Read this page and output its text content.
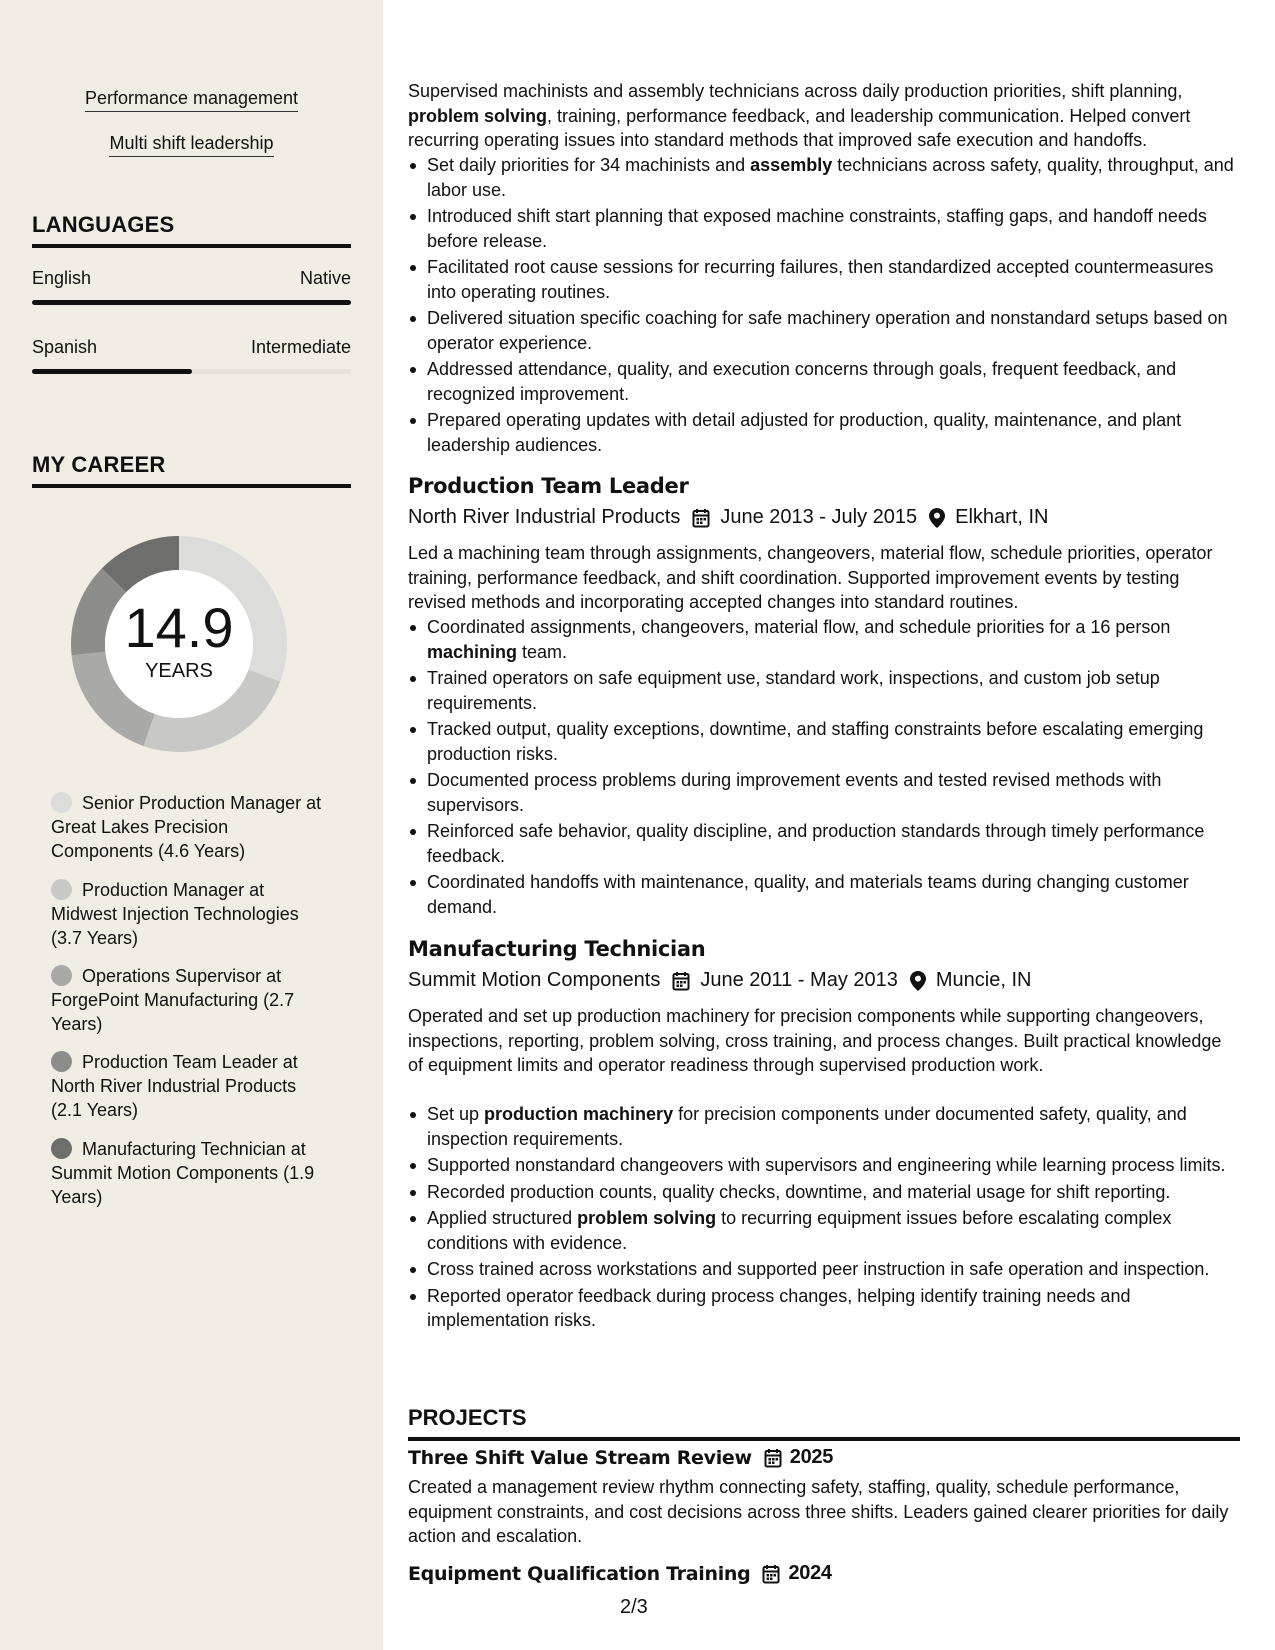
Performance management
Multi shift leadership
LANGUAGES
English	Native
Spanish	Intermediate
MY CAREER
14.9
YEARS
Senior Production Manager at Great Lakes Precision Components (4.6 Years)
Production Manager at Midwest Injection Technologies (3.7 Years)
Operations Supervisor at ForgePoint Manufacturing (2.7 Years)
Production Team Leader at North River Industrial Products (2.1 Years)
Manufacturing Technician at Summit Motion Components (1.9 Years)

Supervised machinists and assembly technicians across daily production priorities, shift planning, problem solving, training, performance feedback, and leadership communication. Helped convert recurring operating issues into standard methods that improved safe execution and handoffs.

Set daily priorities for 34 machinists and assembly technicians across safety, quality, throughput, and labor use.
Introduced shift start planning that exposed machine constraints, staffing gaps, and handoff needs before release.
Facilitated root cause sessions for recurring failures, then standardized accepted countermeasures into operating routines.
Delivered situation specific coaching for safe machinery operation and nonstandard setups based on operator experience.
Addressed attendance, quality, and execution concerns through goals, frequent feedback, and recognized improvement.
Prepared operating updates with detail adjusted for production, quality, maintenance, and plant leadership audiences.
Production Team Leader
North River Industrial Products June 2013 - July 2015 Elkhart, IN

Led a machining team through assignments, changeovers, material flow, schedule priorities, operator training, performance feedback, and shift coordination. Supported improvement events by testing revised methods and incorporating accepted changes into standard routines.

Coordinated assignments, changeovers, material flow, and schedule priorities for a 16 person machining team.
Trained operators on safe equipment use, standard work, inspections, and custom job setup requirements.
Tracked output, quality exceptions, downtime, and staffing constraints before escalating emerging production risks.
Documented process problems during improvement events and tested revised methods with supervisors.
Reinforced safe behavior, quality discipline, and production standards through timely performance feedback.
Coordinated handoffs with maintenance, quality, and materials teams during changing customer demand.
Manufacturing Technician
Summit Motion Components June 2011 - May 2013 Muncie, IN

Operated and set up production machinery for precision components while supporting changeovers, inspections, reporting, problem solving, cross training, and process changes. Built practical knowledge of equipment limits and operator readiness through supervised production work.

Set up production machinery for precision components under documented safety, quality, and inspection requirements.
Supported nonstandard changeovers with supervisors and engineering while learning process limits.
Recorded production counts, quality checks, downtime, and material usage for shift reporting.
Applied structured problem solving to recurring equipment issues before escalating complex conditions with evidence.
Cross trained across workstations and supported peer instruction in safe operation and inspection.
Reported operator feedback during process changes, helping identify training needs and implementation risks.
PROJECTS
Three Shift Value Stream Review 2025

Created a management review rhythm connecting safety, staffing, quality, schedule performance, equipment constraints, and cost decisions across three shifts. Leaders gained clearer priorities for daily action and escalation.

Equipment Qualification Training 2024
2/3
